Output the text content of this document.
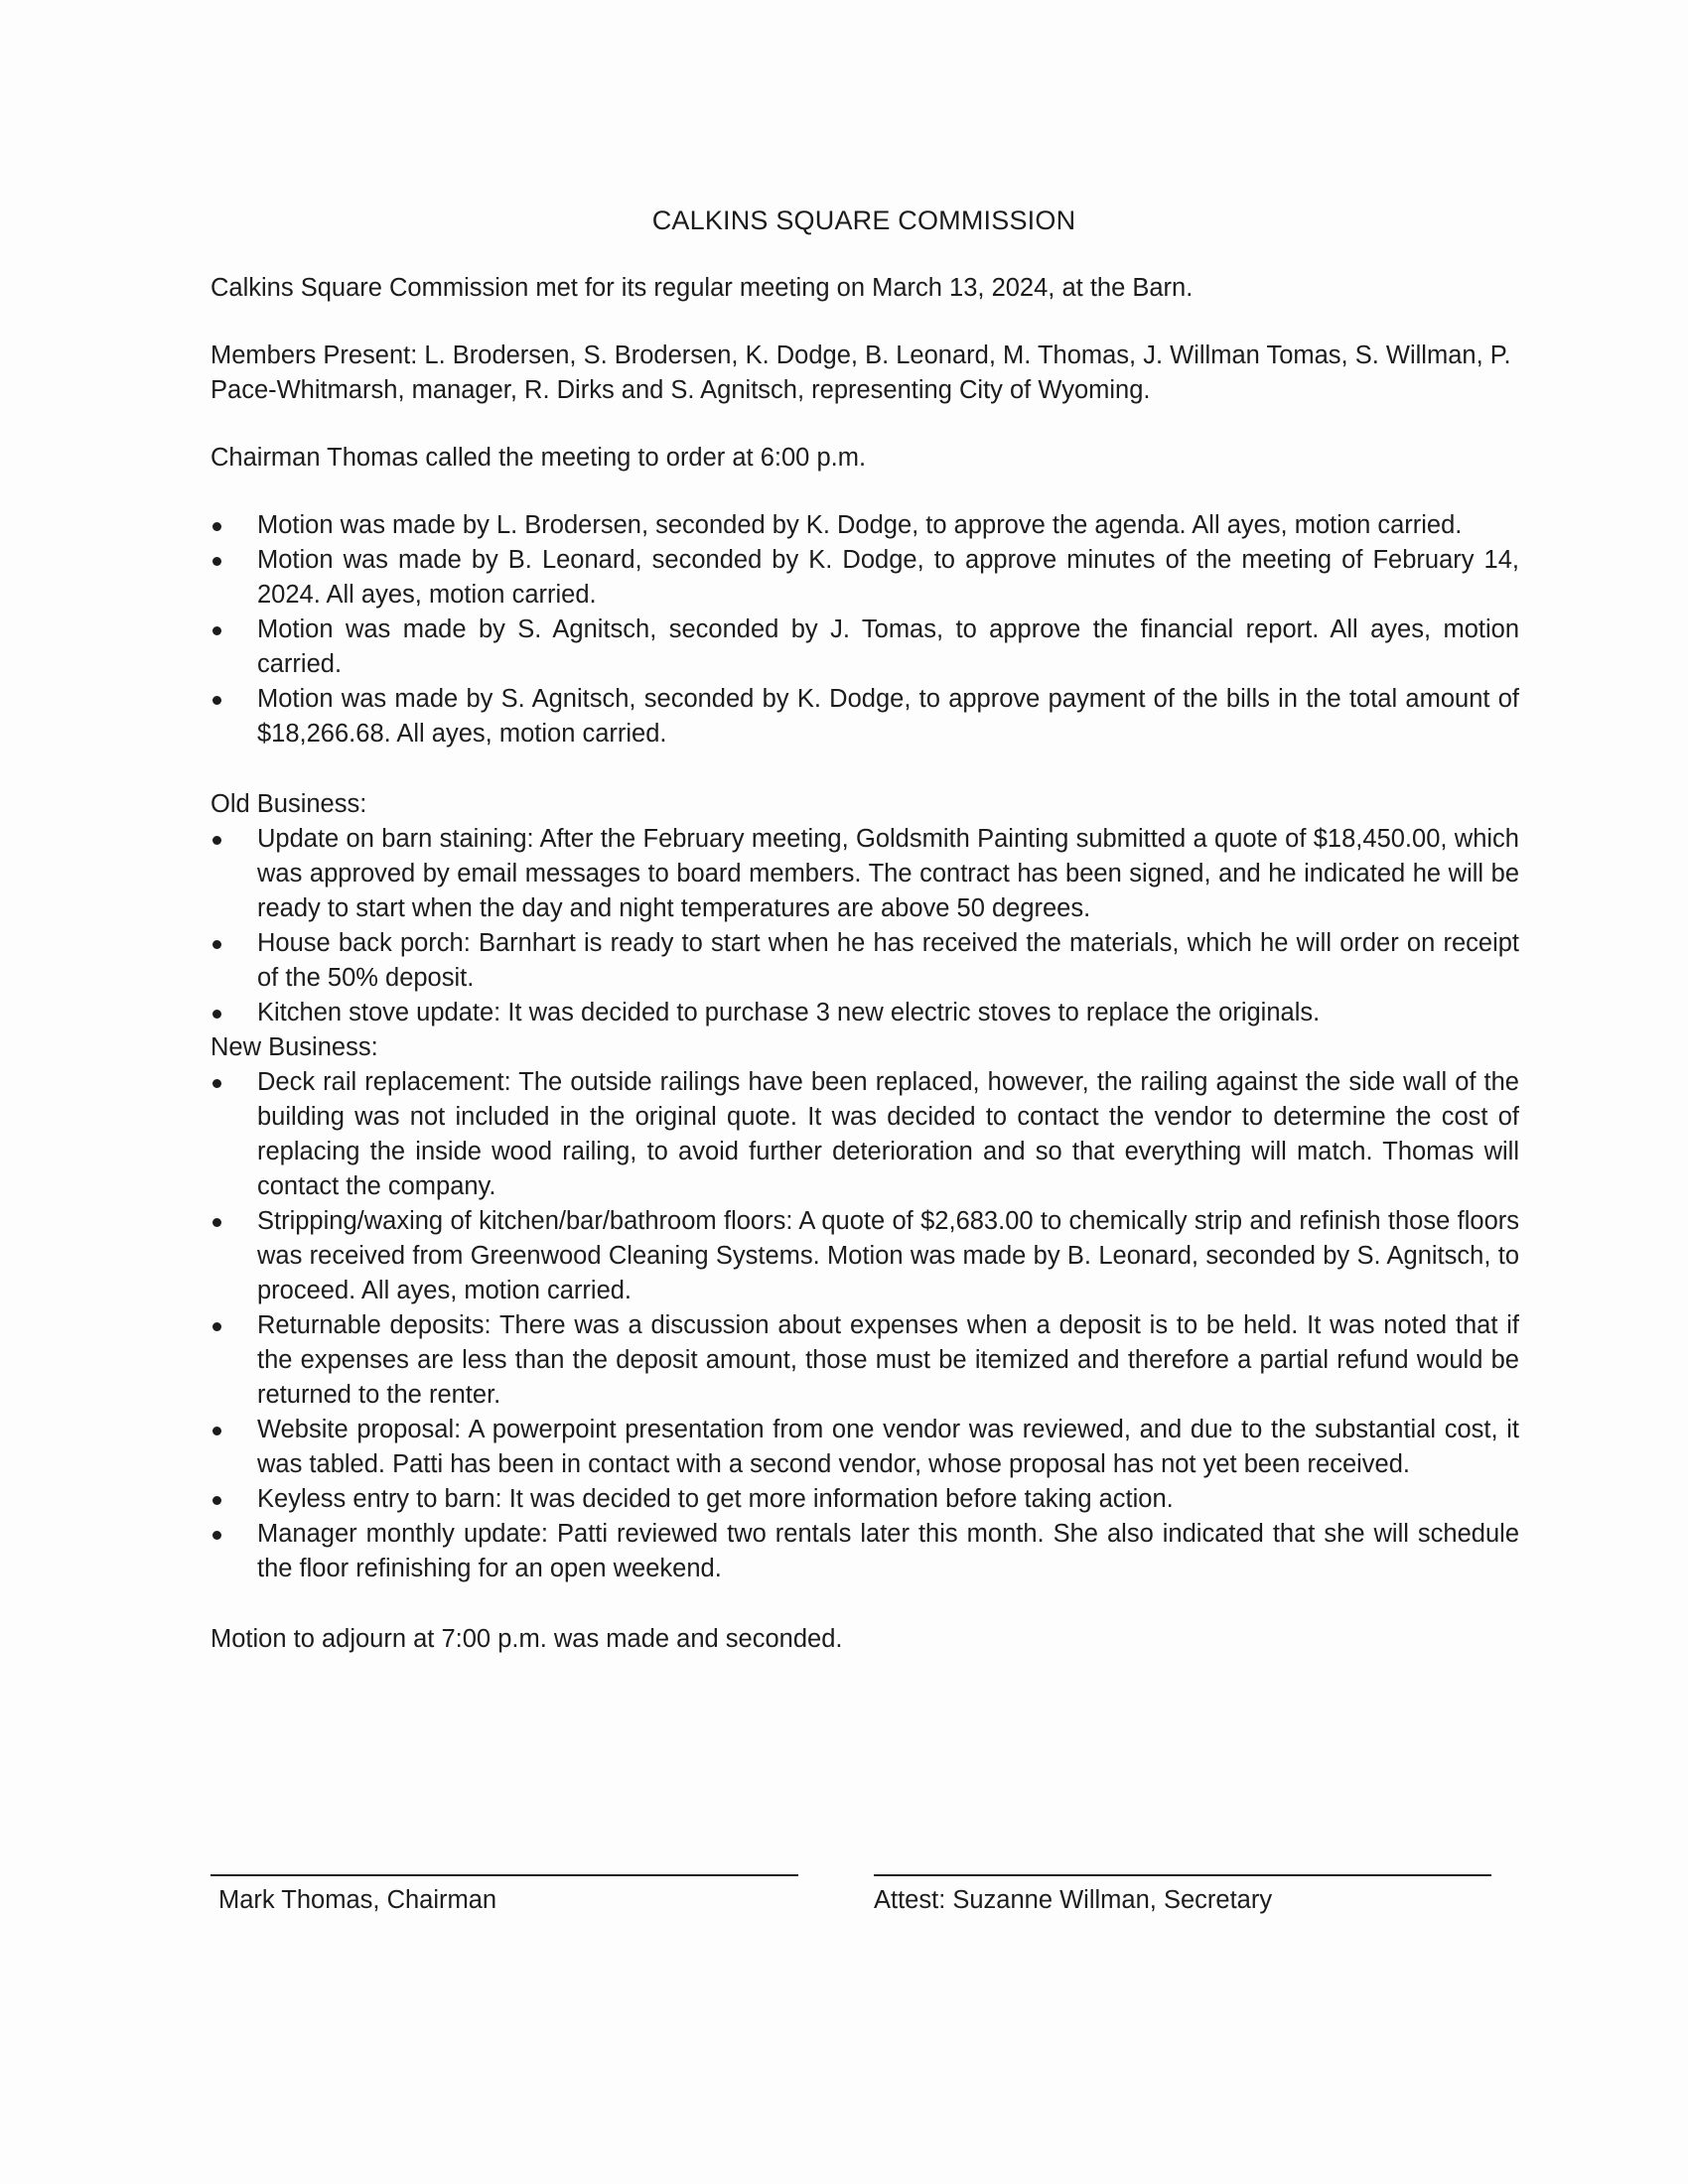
CALKINS SQUARE COMMISSION

Calkins Square Commission met for its regular meeting on March 13, 2024, at the Barn.

Members Present: L. Brodersen, S. Brodersen, K. Dodge, B. Leonard, M. Thomas, J. Willman Tomas, S. Willman, P. Pace-Whitmarsh, manager, R. Dirks and S. Agnitsch, representing City of Wyoming.

Chairman Thomas called the meeting to order at 6:00 p.m.

Motion was made by L. Brodersen, seconded by K. Dodge, to approve the agenda. All ayes, motion carried.
Motion was made by B. Leonard, seconded by K. Dodge, to approve minutes of the meeting of February 14, 2024. All ayes, motion carried.
Motion was made by S. Agnitsch, seconded by J. Tomas, to approve the financial report. All ayes, motion carried.
Motion was made by S. Agnitsch, seconded by K. Dodge, to approve payment of the bills in the total amount of $18,266.68. All ayes, motion carried.
Old Business:
Update on barn staining: After the February meeting, Goldsmith Painting submitted a quote of $18,450.00, which was approved by email messages to board members. The contract has been signed, and he indicated he will be ready to start when the day and night temperatures are above 50 degrees.
House back porch: Barnhart is ready to start when he has received the materials, which he will order on receipt of the 50% deposit.
Kitchen stove update: It was decided to purchase 3 new electric stoves to replace the originals.
New Business:
Deck rail replacement: The outside railings have been replaced, however, the railing against the side wall of the building was not included in the original quote. It was decided to contact the vendor to determine the cost of replacing the inside wood railing, to avoid further deterioration and so that everything will match. Thomas will contact the company.
Stripping/waxing of kitchen/bar/bathroom floors: A quote of $2,683.00 to chemically strip and refinish those floors was received from Greenwood Cleaning Systems. Motion was made by B. Leonard, seconded by S. Agnitsch, to proceed. All ayes, motion carried.
Returnable deposits: There was a discussion about expenses when a deposit is to be held. It was noted that if the expenses are less than the deposit amount, those must be itemized and therefore a partial refund would be returned to the renter.
Website proposal: A powerpoint presentation from one vendor was reviewed, and due to the substantial cost, it was tabled. Patti has been in contact with a second vendor, whose proposal has not yet been received.
Keyless entry to barn: It was decided to get more information before taking action.
Manager monthly update: Patti reviewed two rentals later this month. She also indicated that she will schedule the floor refinishing for an open weekend.
Motion to adjourn at 7:00 p.m. was made and seconded.
Mark Thomas, Chairman	Attest: Suzanne Willman, Secretary
